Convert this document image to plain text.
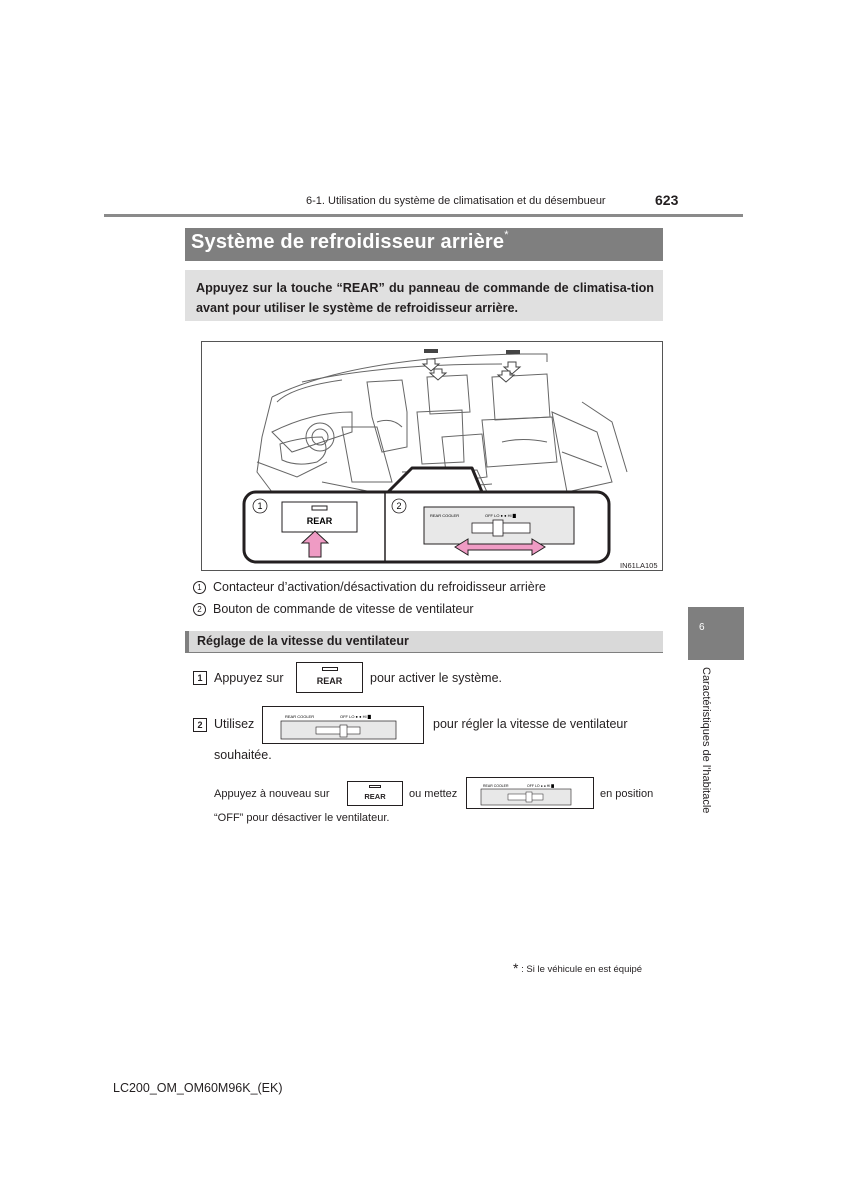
6-1. Utilisation du système de climatisation et du désembueur	623
Système de refroidisseur arrière*
Appuyez sur la touche “REAR” du panneau de commande de climatisa-tion avant pour utiliser le système de refroidisseur arrière.
1	2
REAR
REAR COOLER	OFF LO ● ● HI ▇
IN61LA105
1 Contacteur d’activation/désactivation du refroidisseur arrière
2 Bouton de commande de vitesse de ventilateur
Réglage de la vitesse du ventilateur
1 Appuyez sur	REAR	pour activer le système.
2 Utilisez
REAR COOLER	OFF LO ● ● HI ▇
pour régler la vitesse de ventilateur
souhaitée.
Appuyez à nouveau sur	REAR	ou mettez
REAR COOLER	OFF LO ● ● HI ▇
en position
“OFF” pour désactiver le ventilateur.
6
Caractéristiques de l'habitacle
* : Si le véhicule en est équipé
LC200_OM_OM60M96K_(EK)
